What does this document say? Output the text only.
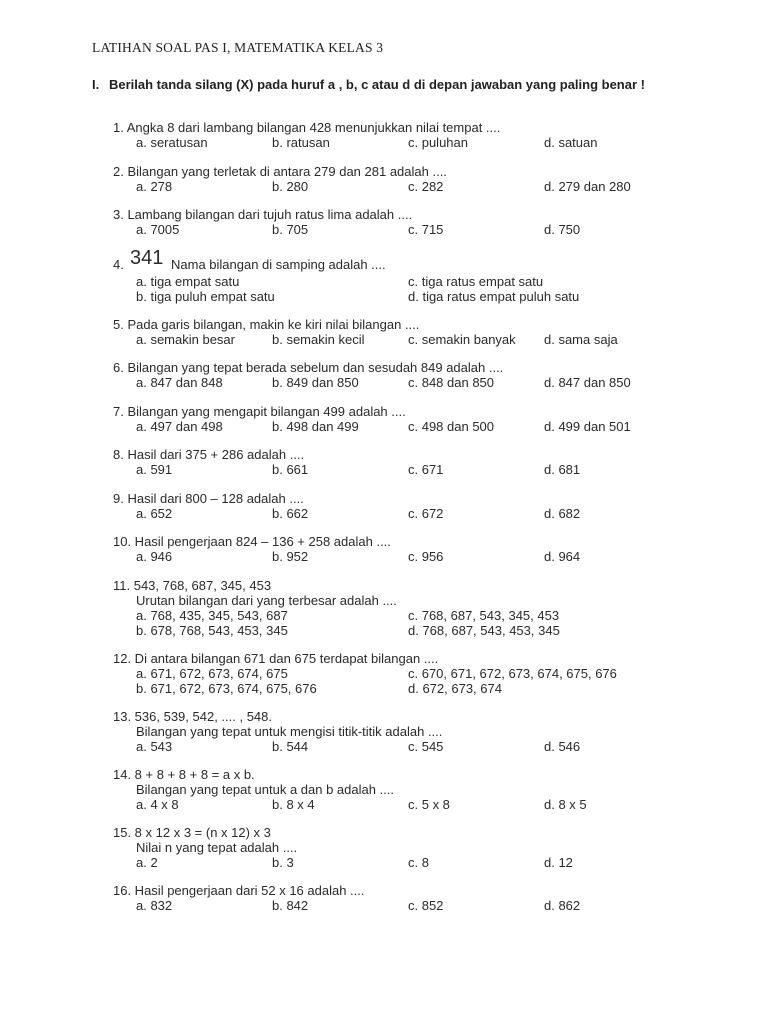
LATIHAN SOAL PAS I, MATEMATIKA KELAS 3
I. Berilah tanda silang (X) pada huruf a , b, c atau d di depan jawaban yang paling benar !
1. Angka 8 dari lambang bilangan 428 menunjukkan nilai tempat ....
a. seratusan	b. ratusan	c. puluhan	d. satuan
2. Bilangan yang terletak di antara 279 dan 281 adalah ....
a. 278	b. 280	c. 282	d. 279 dan 280
3. Lambang bilangan dari tujuh ratus lima adalah ....
a. 7005	b. 705	c. 715	d. 750
4. 341 Nama bilangan di samping adalah ....
a. tiga empat satu	c. tiga ratus empat satu
b. tiga puluh empat satu	d. tiga ratus empat puluh satu
5. Pada garis bilangan, makin ke kiri nilai bilangan ....
a. semakin besar	b. semakin kecil	c. semakin banyak d. sama saja
6. Bilangan yang tepat berada sebelum dan sesudah 849 adalah ....
a. 847 dan 848	b. 849 dan 850	c. 848 dan 850	d. 847 dan 850
7. Bilangan yang mengapit bilangan 499 adalah ....
a. 497 dan 498	b. 498 dan 499	c. 498 dan 500	d. 499 dan 501
8. Hasil dari 375 + 286 adalah ....
a. 591	b. 661	c. 671	d. 681
9. Hasil dari 800 – 128 adalah ....
a. 652	b. 662	c. 672	d. 682
10. Hasil pengerjaan 824 – 136 + 258 adalah ....
a. 946	b. 952	c. 956	d. 964
11. 543, 768, 687, 345, 453
Urutan bilangan dari yang terbesar adalah ....
a. 768, 435, 345, 543, 687	c. 768, 687, 543, 345, 453
b. 678, 768, 543, 453, 345	d. 768, 687, 543, 453, 345
12. Di antara bilangan 671 dan 675 terdapat bilangan ....
a. 671, 672, 673, 674, 675	c. 670, 671, 672, 673, 674, 675, 676
b. 671, 672, 673, 674, 675, 676	d. 672, 673, 674
13. 536, 539, 542, .... , 548.
Bilangan yang tepat untuk mengisi titik-titik adalah ....
a. 543	b. 544	c. 545	d. 546
14. 8 + 8 + 8 + 8 = a x b.
Bilangan yang tepat untuk a dan b adalah ....
a. 4 x 8	b. 8 x 4	c. 5 x 8	d. 8 x 5
15. 8 x 12 x 3 = (n x 12) x 3
Nilai n yang tepat adalah ....
a. 2	b. 3	c. 8	d. 12
16. Hasil pengerjaan dari 52 x 16 adalah ....
a. 832	b. 842	c. 852	d. 862
